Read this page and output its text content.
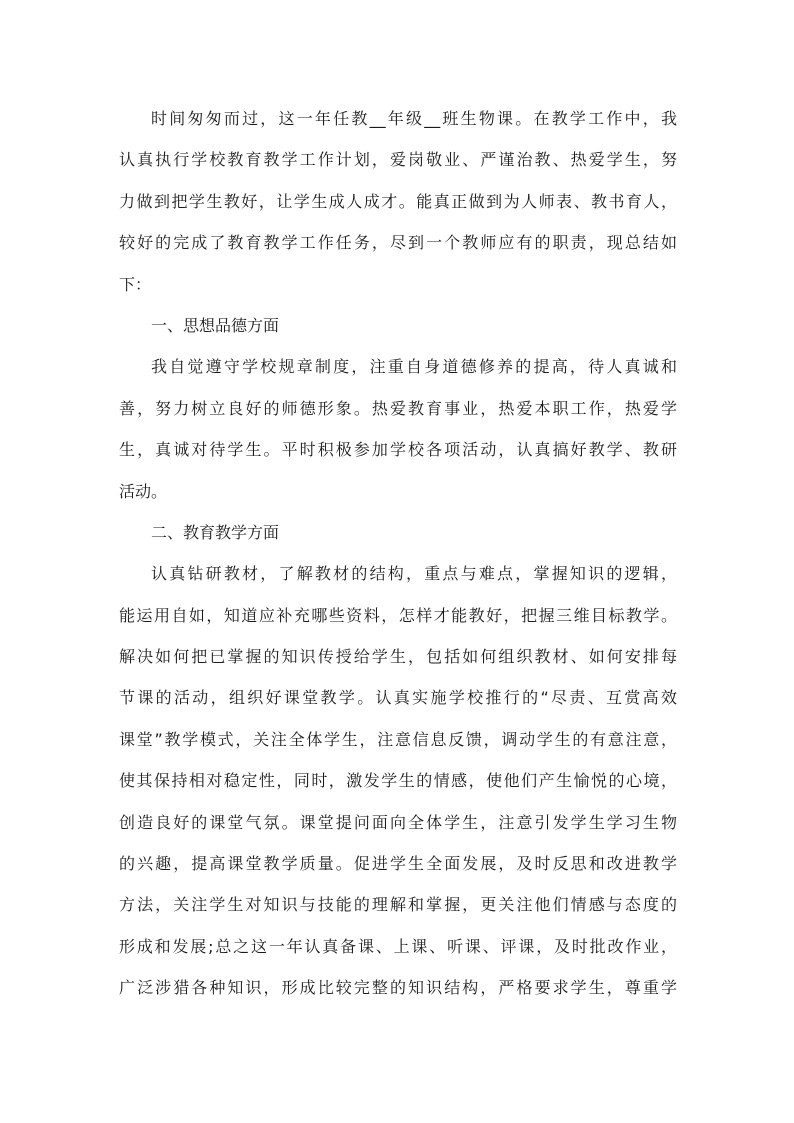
时间匆匆而过，这一年任教__年级__班生物课。在教学工作中，我
认真执行学校教育教学工作计划，爱岗敬业、严谨治教、热爱学生，努
力做到把学生教好，让学生成人成才。能真正做到为人师表、教书育人，
较好的完成了教育教学工作任务，尽到一个教师应有的职责，现总结如
下：
一、思想品德方面
我自觉遵守学校规章制度，注重自身道德修养的提高，待人真诚和
善，努力树立良好的师德形象。热爱教育事业，热爱本职工作，热爱学
生，真诚对待学生。平时积极参加学校各项活动，认真搞好教学、教研
活动。
二、教育教学方面
认真钻研教材，了解教材的结构，重点与难点，掌握知识的逻辑，
能运用自如，知道应补充哪些资料，怎样才能教好，把握三维目标教学。
解决如何把已掌握的知识传授给学生，包括如何组织教材、如何安排每
节课的活动，组织好课堂教学。认真实施学校推行的“尽责、互赏高效
课堂”教学模式，关注全体学生，注意信息反馈，调动学生的有意注意，
使其保持相对稳定性，同时，激发学生的情感，使他们产生愉悦的心境，
创造良好的课堂气氛。课堂提问面向全体学生，注意引发学生学习生物
的兴趣，提高课堂教学质量。促进学生全面发展，及时反思和改进教学
方法，关注学生对知识与技能的理解和掌握，更关注他们情感与态度的
形成和发展;总之这一年认真备课、上课、听课、评课，及时批改作业，
广泛涉猎各种知识，形成比较完整的知识结构，严格要求学生，尊重学
